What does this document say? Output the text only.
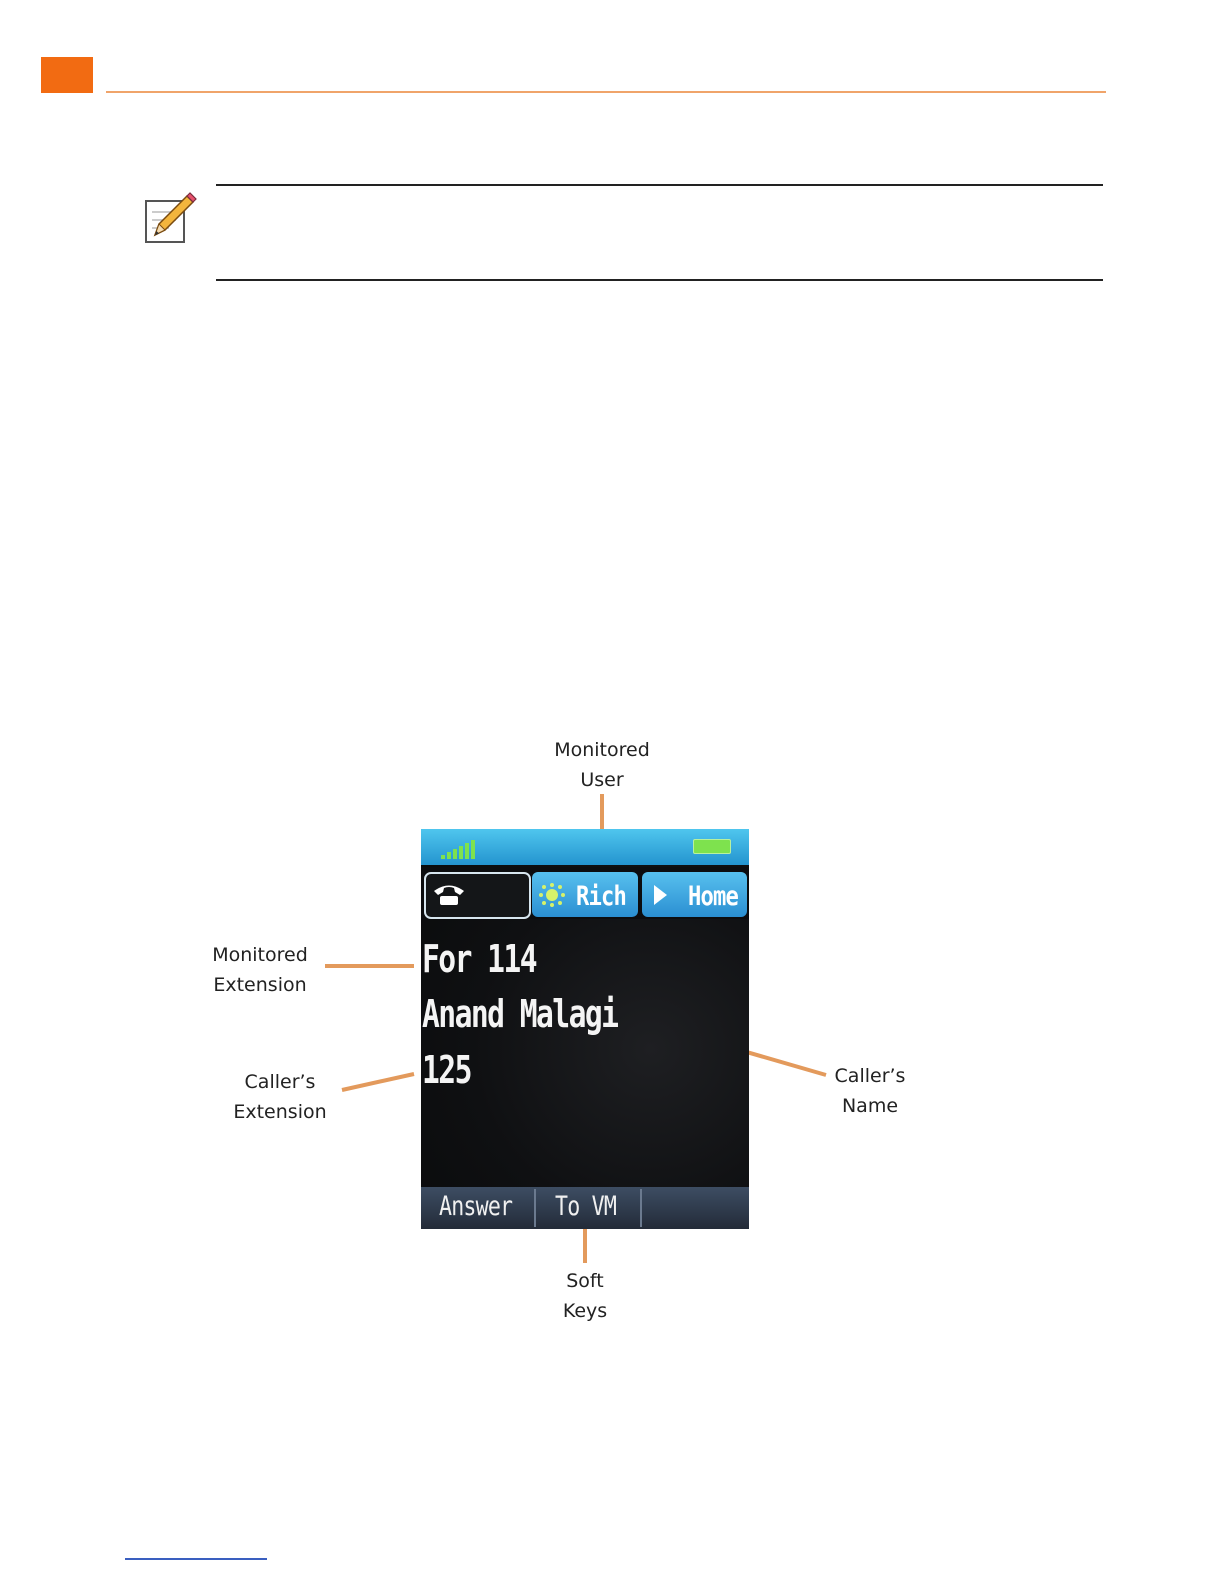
Monitored
User
Monitored
Extension
Caller’s
Extension
Caller’s
Name
Soft
Keys
Rich Home
For 114
Anand Malagi
125
Answer To VM
